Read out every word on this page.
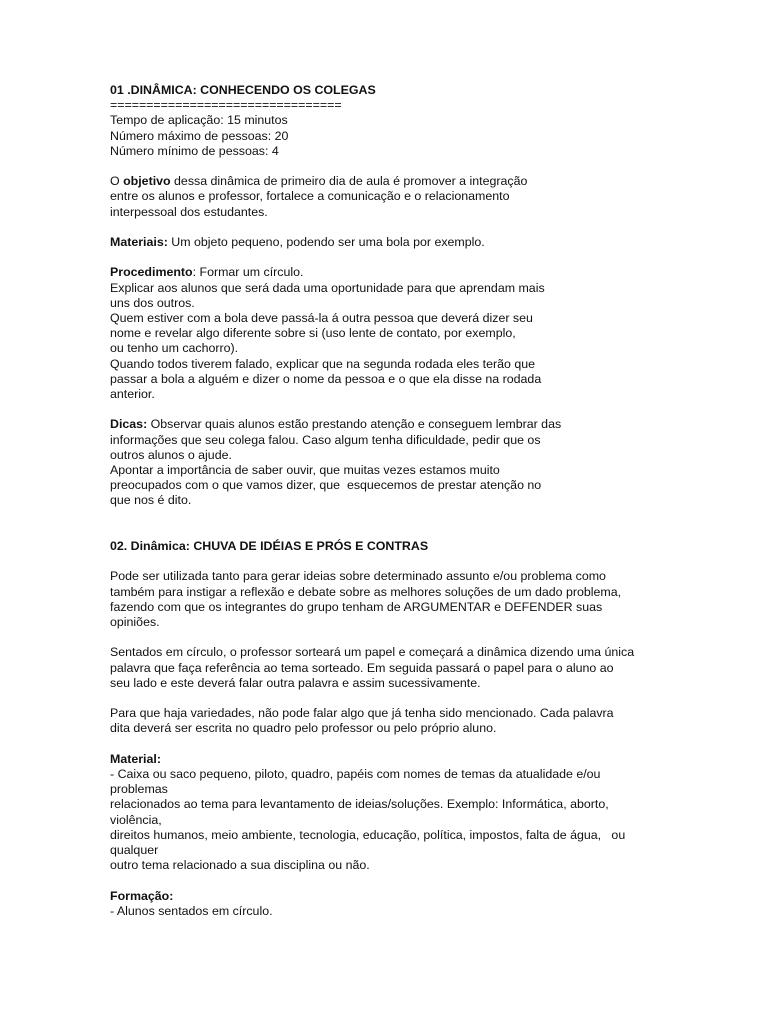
01 .DINÂMICA: CONHECENDO OS COLEGAS
================================
Tempo de aplicação: 15 minutos
Número máximo de pessoas: 20
Número mínimo de pessoas: 4
O objetivo dessa dinâmica de primeiro dia de aula é promover a integração
entre os alunos e professor, fortalece a comunicação e o relacionamento
interpessoal dos estudantes.
Materiais: Um objeto pequeno, podendo ser uma bola por exemplo.
Procedimento: Formar um círculo.
Explicar aos alunos que será dada uma oportunidade para que aprendam mais
uns dos outros.
Quem estiver com a bola deve passá-la á outra pessoa que deverá dizer seu
nome e revelar algo diferente sobre si (uso lente de contato, por exemplo,
ou tenho um cachorro).
Quando todos tiverem falado, explicar que na segunda rodada eles terão que
passar a bola a alguém e dizer o nome da pessoa e o que ela disse na rodada
anterior.
Dicas: Observar quais alunos estão prestando atenção e conseguem lembrar das
informações que seu colega falou. Caso algum tenha dificuldade, pedir que os
outros alunos o ajude.
Apontar a importância de saber ouvir, que muitas vezes estamos muito
preocupados com o que vamos dizer, que  esquecemos de prestar atenção no
que nos é dito.
02. Dinâmica: CHUVA DE IDÉIAS E PRÓS E CONTRAS
Pode ser utilizada tanto para gerar ideias sobre determinado assunto e/ou problema como
também para instigar a reflexão e debate sobre as melhores soluções de um dado problema,
fazendo com que os integrantes do grupo tenham de ARGUMENTAR e DEFENDER suas
opiniões.
Sentados em círculo, o professor sorteará um papel e começará a dinâmica dizendo uma única
palavra que faça referência ao tema sorteado. Em seguida passará o papel para o aluno ao
seu lado e este deverá falar outra palavra e assim sucessivamente.
Para que haja variedades, não pode falar algo que já tenha sido mencionado. Cada palavra
dita deverá ser escrita no quadro pelo professor ou pelo próprio aluno.
Material:
- Caixa ou saco pequeno, piloto, quadro, papéis com nomes de temas da atualidade e/ou
problemas
relacionados ao tema para levantamento de ideias/soluções. Exemplo: Informática, aborto,
violência,
direitos humanos, meio ambiente, tecnologia, educação, política, impostos, falta de água,   ou
qualquer
outro tema relacionado a sua disciplina ou não.
Formação:
- Alunos sentados em círculo.
